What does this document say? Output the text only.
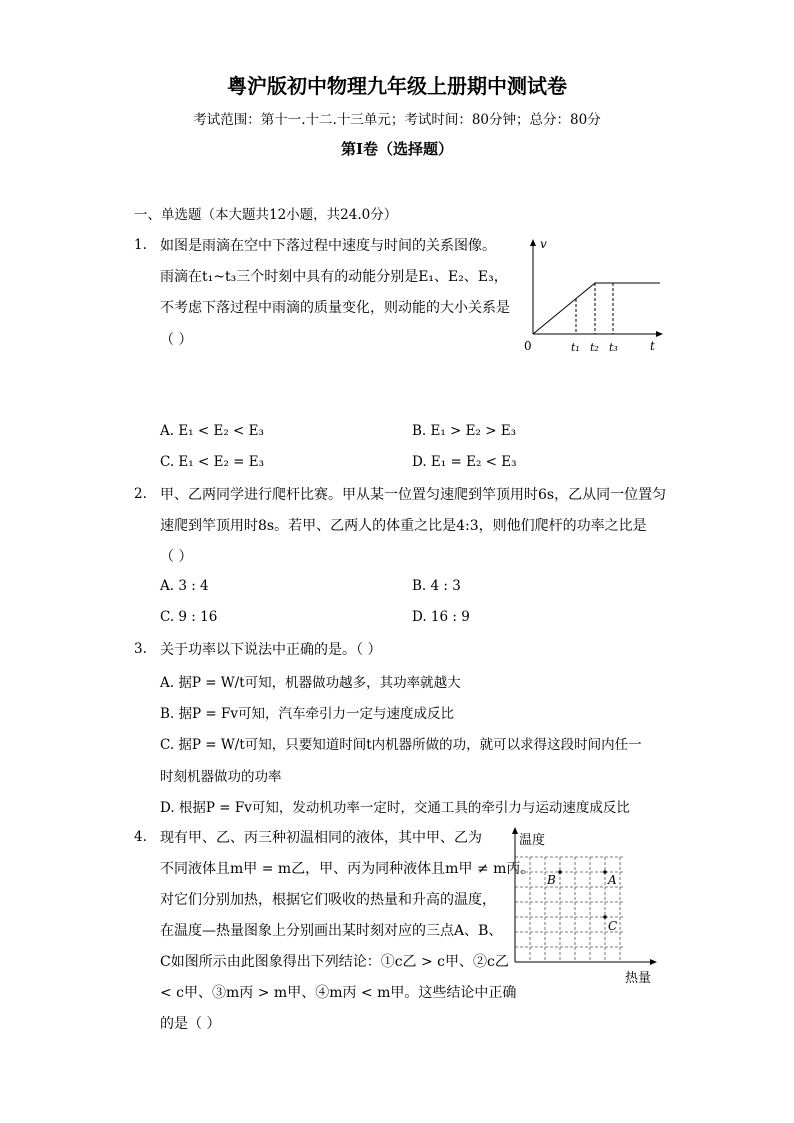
粤沪版初中物理九年级上册期中测试卷
考试范围：第十一.十二.十三单元；考试时间：80分钟；总分：80分
第Ⅰ卷（选择题）
一、单选题（本大题共12小题，共24.0分）
1. 如图是雨滴在空中下落过程中速度与时间的关系图像。
雨滴在t₁~t₃三个时刻中具有的动能分别是E₁、E₂、E₃，
不考虑下落过程中雨滴的质量变化，则动能的大小关系是
（ ）
v
t
0	t₁ t₂ t₃
A. E₁ < E₂ < E₃	B. E₁ > E₂ > E₃
C. E₁ < E₂ = E₃	D. E₁ = E₂ < E₃
2. 甲、乙两同学进行爬杆比赛。甲从某一位置匀速爬到竿顶用时6s，乙从同一位置匀
速爬到竿顶用时8s。若甲、乙两人的体重之比是4:3，则他们爬杆的功率之比是
（ ）
A. 3 : 4	B. 4 : 3
C. 9 : 16	D. 16 : 9
3. 关于功率以下说法中正确的是。（ ）
A. 据P = W/t可知，机器做功越多，其功率就越大
B. 据P = Fv可知，汽车牵引力一定与速度成反比
C. 据P = W/t可知，只要知道时间t内机器所做的功，就可以求得这段时间内任一
时刻机器做功的功率
D. 根据P = Fv可知，发动机功率一定时，交通工具的牵引力与运动速度成反比
4. 现有甲、乙、丙三种初温相同的液体，其中甲、乙为
不同液体且m甲 = m乙，甲、丙为同种液体且m甲 ≠ m丙。
对它们分别加热，根据它们吸收的热量和升高的温度，
在温度—热量图象上分别画出某时刻对应的三点A、B、
C如图所示由此图象得出下列结论：①c乙 > c甲、②c乙
< c甲、③m丙 > m甲、④m丙 < m甲。这些结论中正确
的是（ ）
温度
热量
A
B
C
